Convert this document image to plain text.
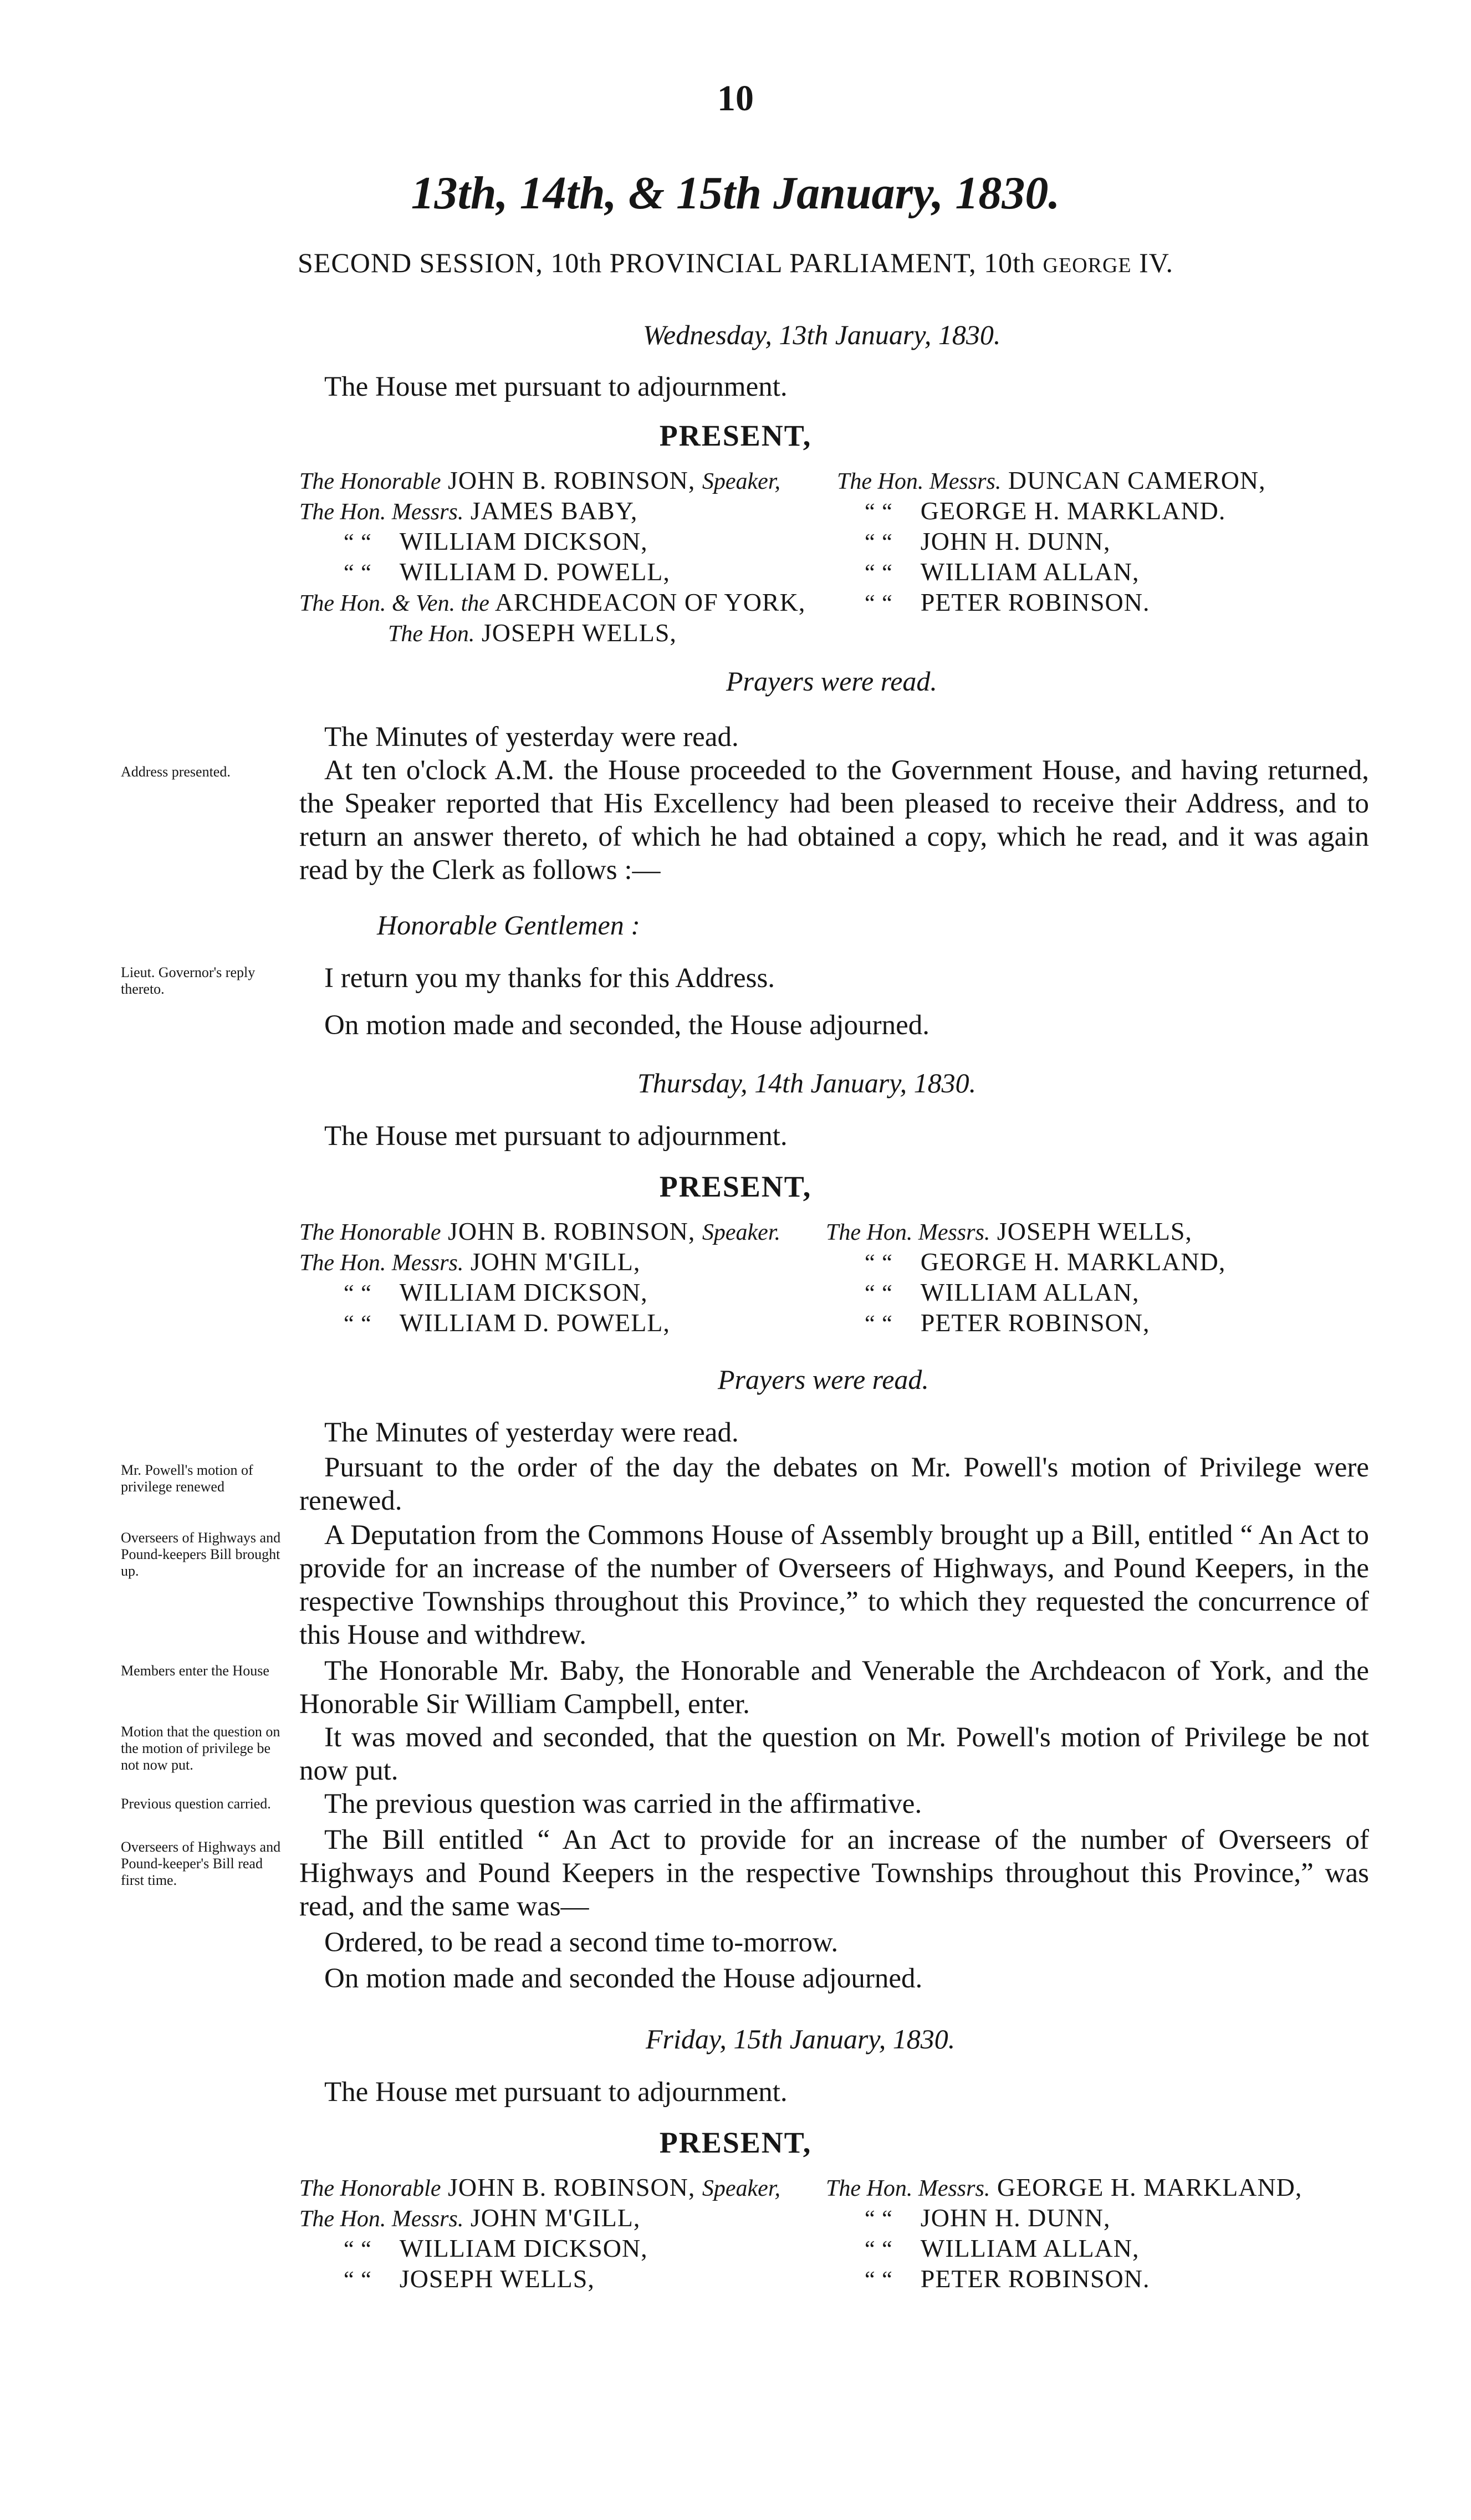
10
13th, 14th, & 15th January, 1830.
SECOND SESSION, 10th PROVINCIAL PARLIAMENT, 10th GEORGE IV.
Wednesday, 13th January, 1830.
The House met pursuant to adjournment.
PRESENT,
The Honorable JOHN B. ROBINSON, Speaker,
The Hon. Messrs. JAMES BABY,
“ “ WILLIAM DICKSON,
“ “ WILLIAM D. POWELL,
The Hon. & Ven. the ARCHDEACON OF YORK,
The Hon. JOSEPH WELLS,
The Hon. Messrs. DUNCAN CAMERON,
“ “ GEORGE H. MARKLAND.
“ “ JOHN H. DUNN,
“ “ WILLIAM ALLAN,
“ “ PETER ROBINSON.
Prayers were read.
The Minutes of yesterday were read.
Address presented.	At ten o'clock A.M. the House proceeded to the Government House, and having returned, the Speaker reported that His Excellency had been pleased to receive their Address, and to return an answer thereto, of which he had obtained a copy, which he read, and it was again read by the Clerk as follows :—
Honorable Gentlemen :
Lieut. Governor's reply thereto.	I return you my thanks for this Address.
On motion made and seconded, the House adjourned.
Thursday, 14th January, 1830.
The House met pursuant to adjournment.
PRESENT,
The Honorable JOHN B. ROBINSON, Speaker.
The Hon. Messrs. JOHN M'GILL,
“ “ WILLIAM DICKSON,
“ “ WILLIAM D. POWELL,
The Hon. Messrs. JOSEPH WELLS,
“ “ GEORGE H. MARKLAND,
“ “ WILLIAM ALLAN,
“ “ PETER ROBINSON,
Prayers were read.
The Minutes of yesterday were read.
Mr. Powell's motion of privilege renewed
Pursuant to the order of the day the debates on Mr. Powell's motion of Privilege were renewed.
Overseers of Highways and Pound-keepers Bill brought up.
A Deputation from the Commons House of Assembly brought up a Bill, entitled “ An Act to provide for an increase of the number of Overseers of Highways, and Pound Keepers, in the respective Townships throughout this Province,” to which they requested the concurrence of this House and withdrew.
Members enter the House	The Honorable Mr. Baby, the Honorable and Venerable the Archdeacon of York, and the Honorable Sir William Campbell, enter.
Motion that the question on the motion of privilege be not now put.
It was moved and seconded, that the question on Mr. Powell's motion of Privilege be not now put.
Previous question carried.	The previous question was carried in the affirmative.
Overseers of Highways and Pound-keeper's Bill read first time.
The Bill entitled “ An Act to provide for an increase of the number of Overseers of Highways and Pound Keepers in the respective Townships throughout this Province,” was read, and the same was—
Ordered, to be read a second time to-morrow.
On motion made and seconded the House adjourned.
Friday, 15th January, 1830.
The House met pursuant to adjournment.
PRESENT,
The Honorable JOHN B. ROBINSON, Speaker,
The Hon. Messrs. JOHN M'GILL,
“ “ WILLIAM DICKSON,
“ “ JOSEPH WELLS,
The Hon. Messrs. GEORGE H. MARKLAND,
“ “ JOHN H. DUNN,
“ “ WILLIAM ALLAN,
“ “ PETER ROBINSON.
